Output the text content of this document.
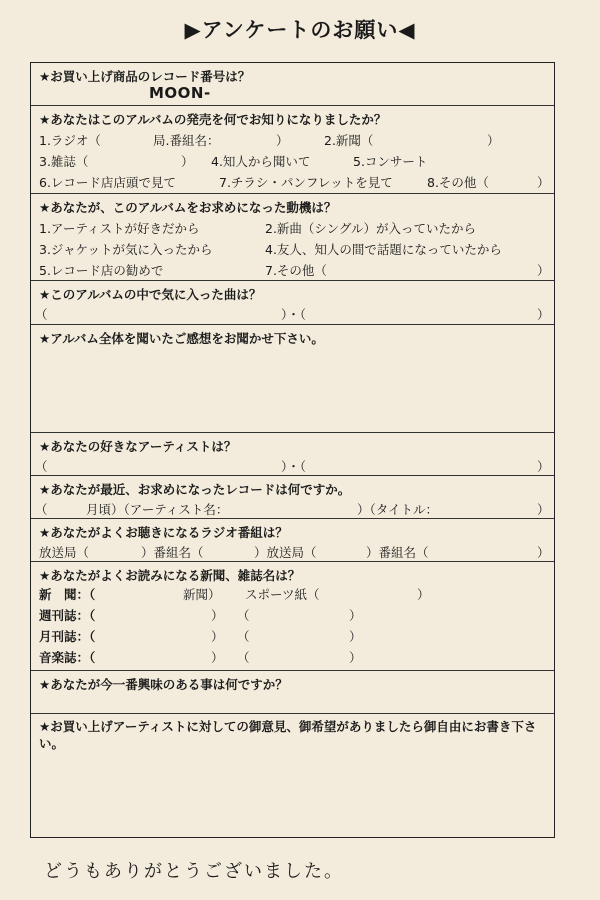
▶アンケートのお願い◀
★お買い上げ商品のレコード番号は？
MOON-
★あなたはこのアルバムの発売を何でお知りになりましたか？
1.ラジオ（	局.番組名：	）	2.新聞（	）
3.雑誌（	） 4.知人から聞いて	5.コンサート
6.レコード店店頭で見て	7.チラシ・パンフレットを見て	8.その他（	）
★あなたが、このアルバムをお求めになった動機は？
1.アーティストが好きだから	2.新曲（シングル）が入っていたから
3.ジャケットが気に入ったから	4.友人、知人の間で話題になっていたから
5.レコード店の勧めで	7.その他（	）
★このアルバムの中で気に入った曲は？
（	）・（	）
★アルバム全体を聞いたご感想をお聞かせ下さい。
★あなたの好きなアーティストは？
（	）・（	）
★あなたが最近、お求めになったレコードは何ですか。
（	月頃）（アーティスト名：	）（タイトル：	）
★あなたがよくお聴きになるラジオ番組は？
放送局（	）番組名（	）放送局（	）番組名（	）
★あなたがよくお読みになる新聞、雑誌名は？
新　聞：（	新聞） スポーツ紙（	）
週刊誌：（	） （	）
月刊誌：（	） （	）
音楽誌：（	） （	）
★あなたが今一番興味のある事は何ですか？
★お買い上げアーティストに対しての御意見、御希望がありましたら御自由にお書き下さい。
どうもありがとうございました。
